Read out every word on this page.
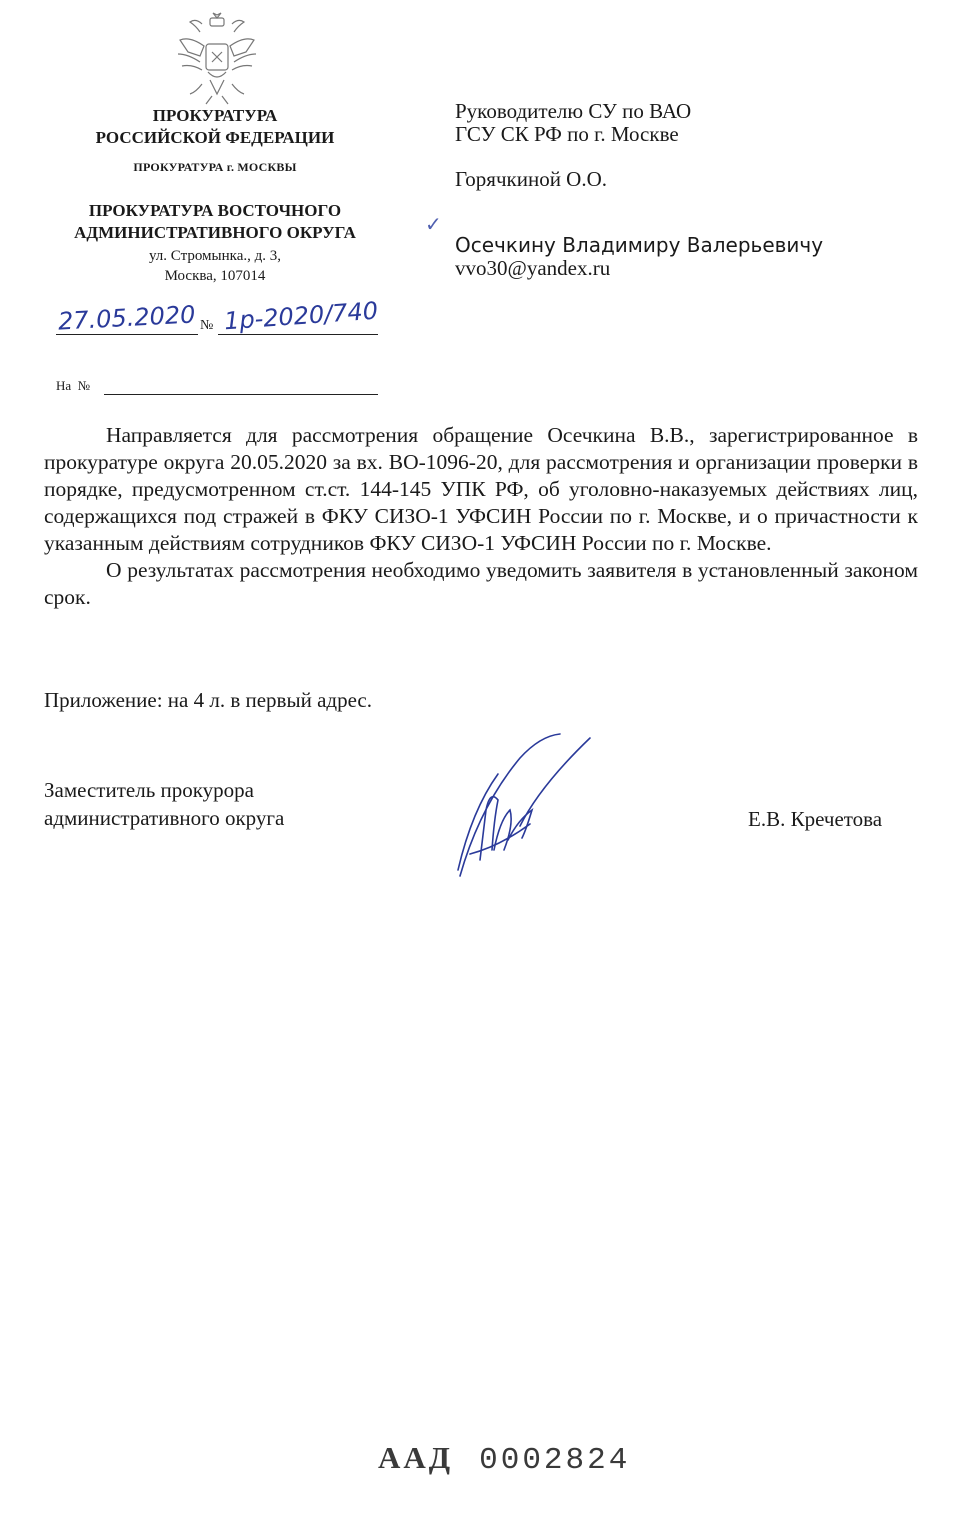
ПРОКУРАТУРА
РОССИЙСКОЙ ФЕДЕРАЦИИ
ПРОКУРАТУРА г. МОСКВЫ
ПРОКУРАТУРА ВОСТОЧНОГО
АДМИНИСТРАТИВНОГО ОКРУГА
ул. Стромынка., д. 3,
Москва, 107014
27.05.2020 № 1р-2020/740
На  №
Руководителю СУ по ВАО
ГСУ СК РФ по г. Москве
Горячкиной О.О.
✓
Осечкину Владимиру Валерьевичу
vvo30@yandex.ru

Направляется для рассмотрения обращение Осечкина В.В., зарегистрированное в прокуратуре округа 20.05.2020 за вх. ВО-1096-20, для рассмотрения и организации проверки в порядке, предусмотренном ст.ст. 144-145 УПК РФ, об уголовно-наказуемых действиях лиц, содержащихся под стражей в ФКУ СИЗО-1 УФСИН России по г. Москве, и о причастности к указанным действиям сотрудников ФКУ СИЗО-1 УФСИН России по г. Москве.

О результатах рассмотрения необходимо уведомить заявителя в установленный законом срок.

Приложение: на 4 л. в первый адрес.
Заместитель прокурора
административного округа	Е.В. Кречетова
ААД 0002824
